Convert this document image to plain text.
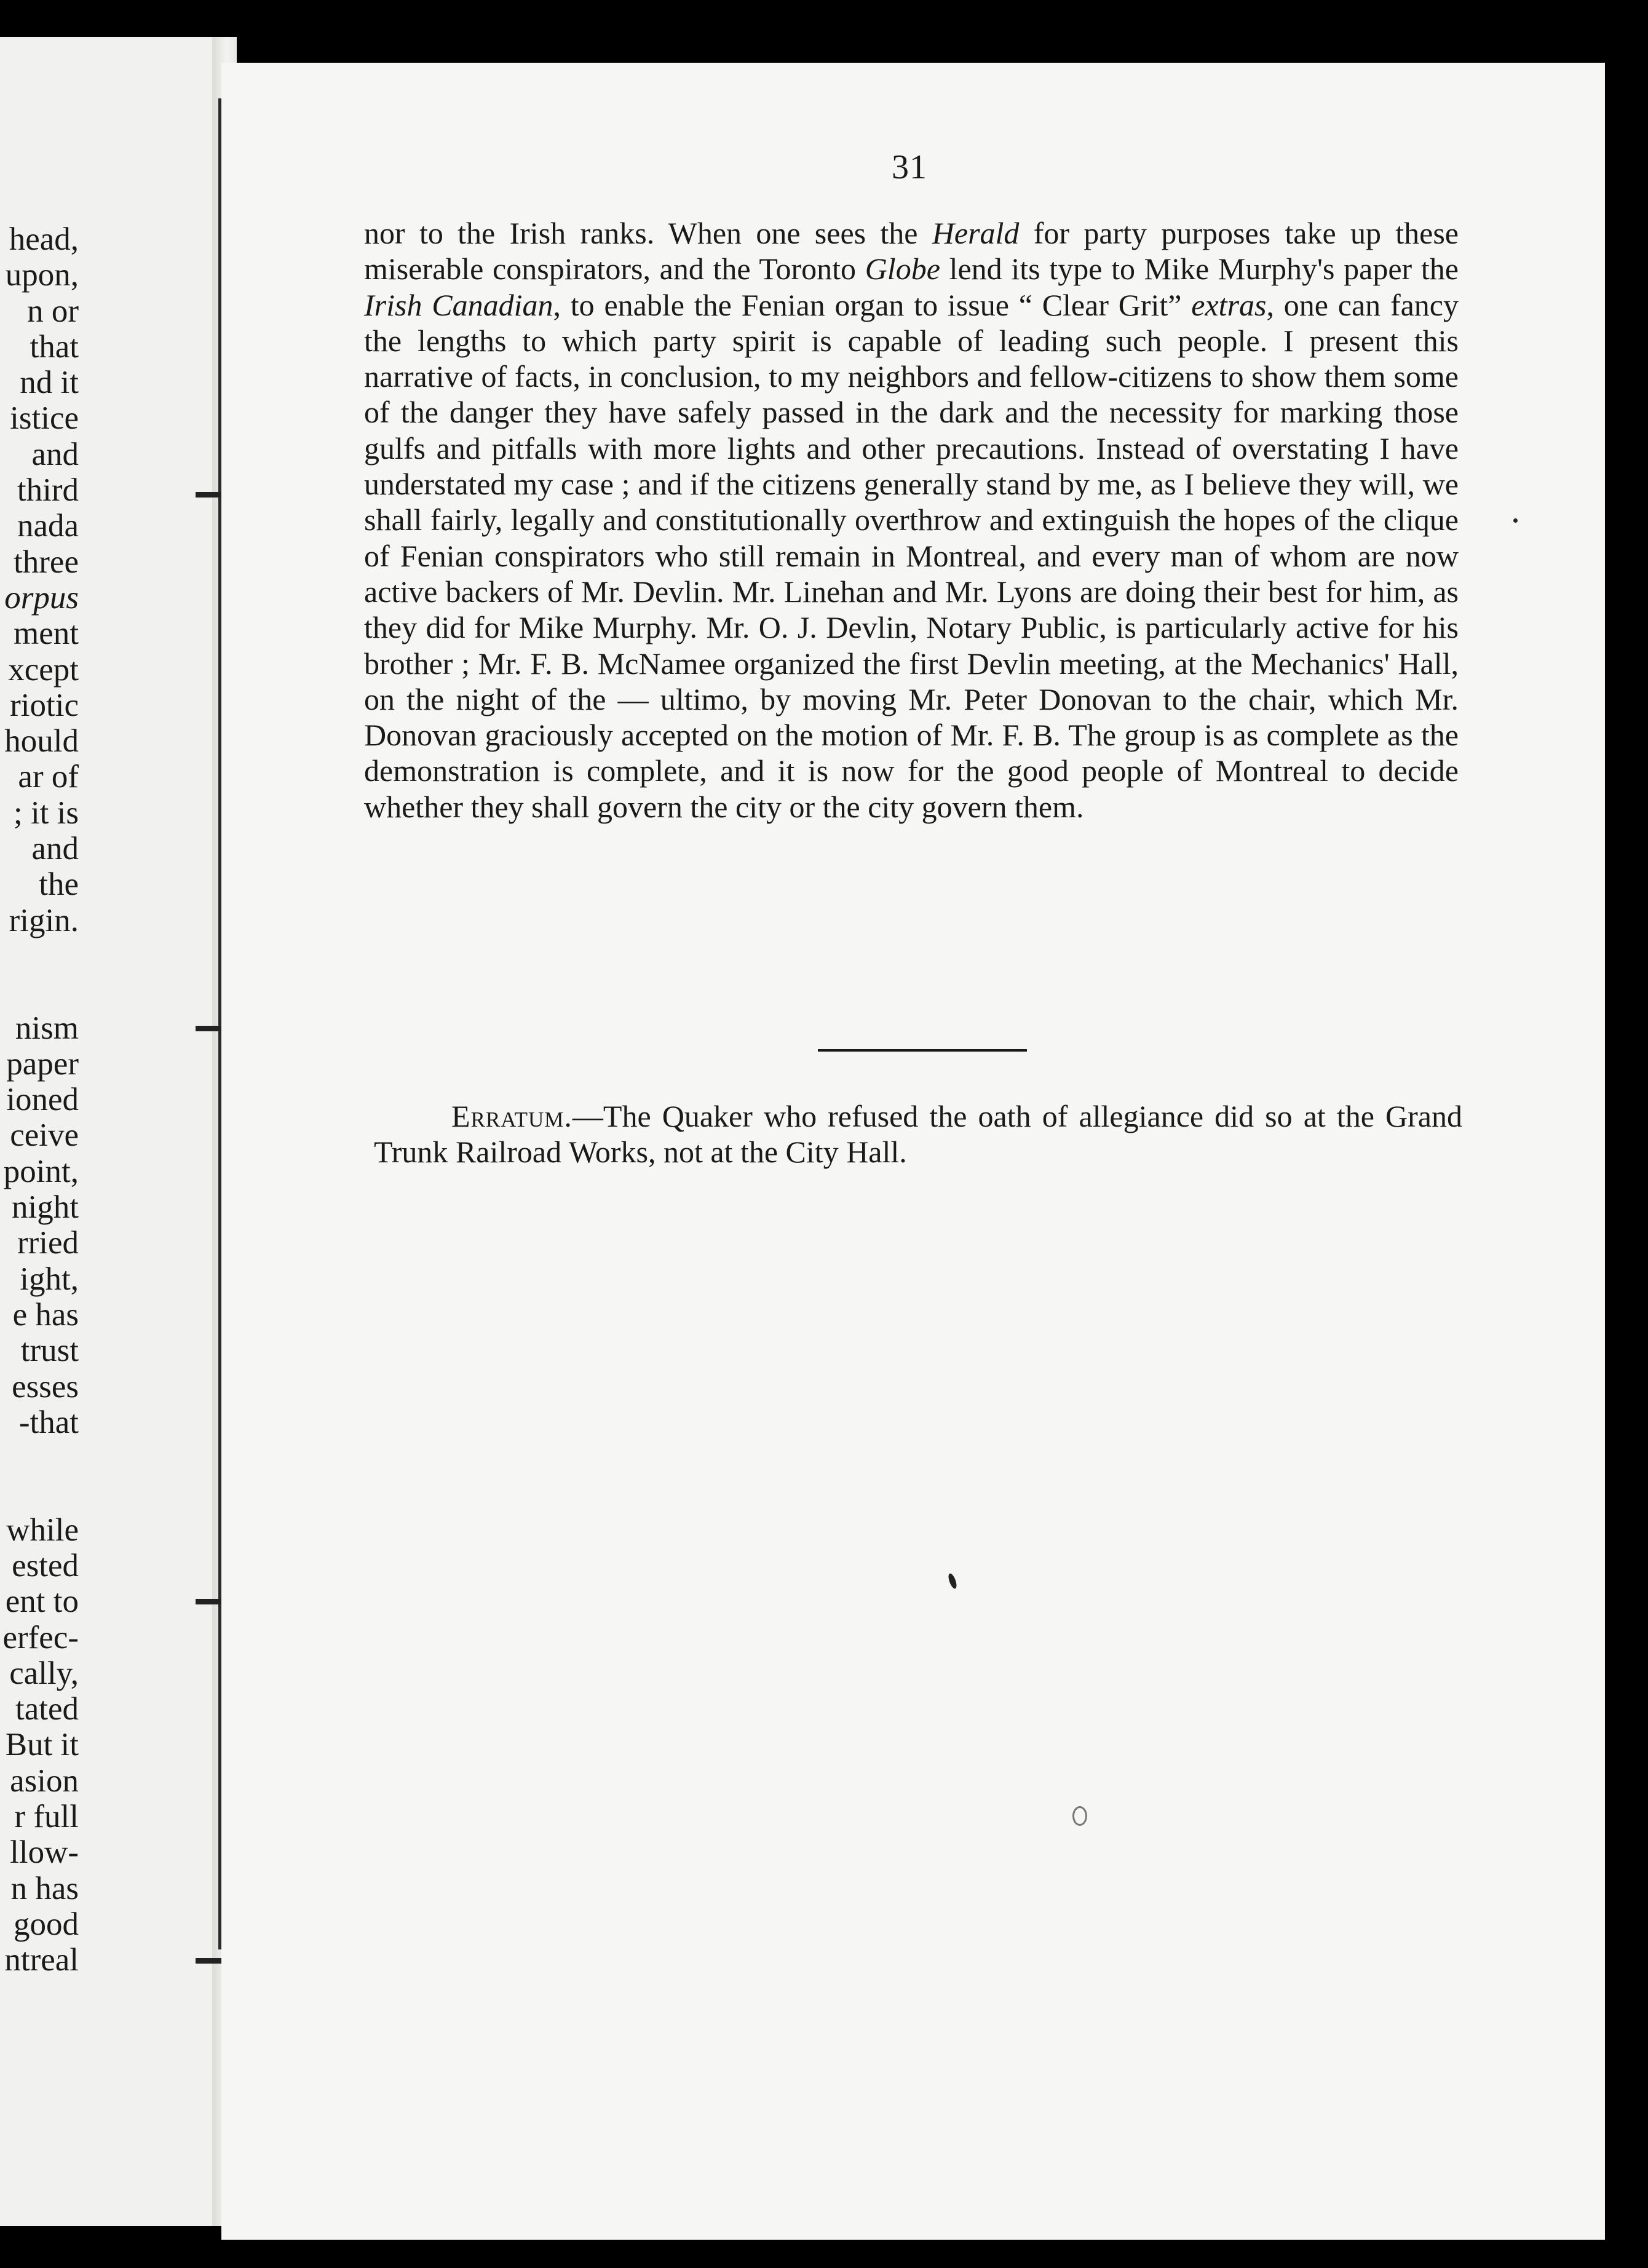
head,
upon,
n or
that
nd it
istice
and
third
nada
three
orpus
ment
xcept
riotic
hould
ar of
; it is
and
the
rigin.

nism
paper
ioned
ceive
point,
night
rried
ight,
e has
trust
esses
-that

while
ested
ent to
erfec-
cally,
tated
But it
asion
r full
llow-
n has
good
ntreal

31

nor to the Irish ranks. When one sees the Herald for party purposes take up these miserable conspirators, and the Toronto Globe lend its type to Mike Murphy's paper the Irish Canadian, to enable the Fenian organ to issue “ Clear Grit” extras, one can fancy the lengths to which party spirit is capable of leading such people. I present this narrative of facts, in conclusion, to my neighbors and fellow-citizens to show them some of the danger they have safely passed in the dark and the necessity for marking those gulfs and pitfalls with more lights and other precautions. Instead of overstating I have understated my case ; and if the citizens generally stand by me, as I believe they will, we shall fairly, legally and constitutionally overthrow and extinguish the hopes of the clique of Fenian conspirators who still remain in Montreal, and every man of whom are now active backers of Mr. Devlin. Mr. Linehan and Mr. Lyons are doing their best for him, as they did for Mike Murphy. Mr. O. J. Devlin, Notary Public, is particularly active for his brother ; Mr. F. B. McNamee organized the first Devlin meeting, at the Mechanics' Hall, on the night of the — ultimo, by moving Mr. Peter Donovan to the chair, which Mr. Donovan graciously accepted on the motion of Mr. F. B. The group is as complete as the demonstration is complete, and it is now for the good people of Montreal to decide whether they shall govern the city or the city govern them.

Erratum.—The Quaker who refused the oath of allegiance did so at the Grand Trunk Railroad Works, not at the City Hall.
